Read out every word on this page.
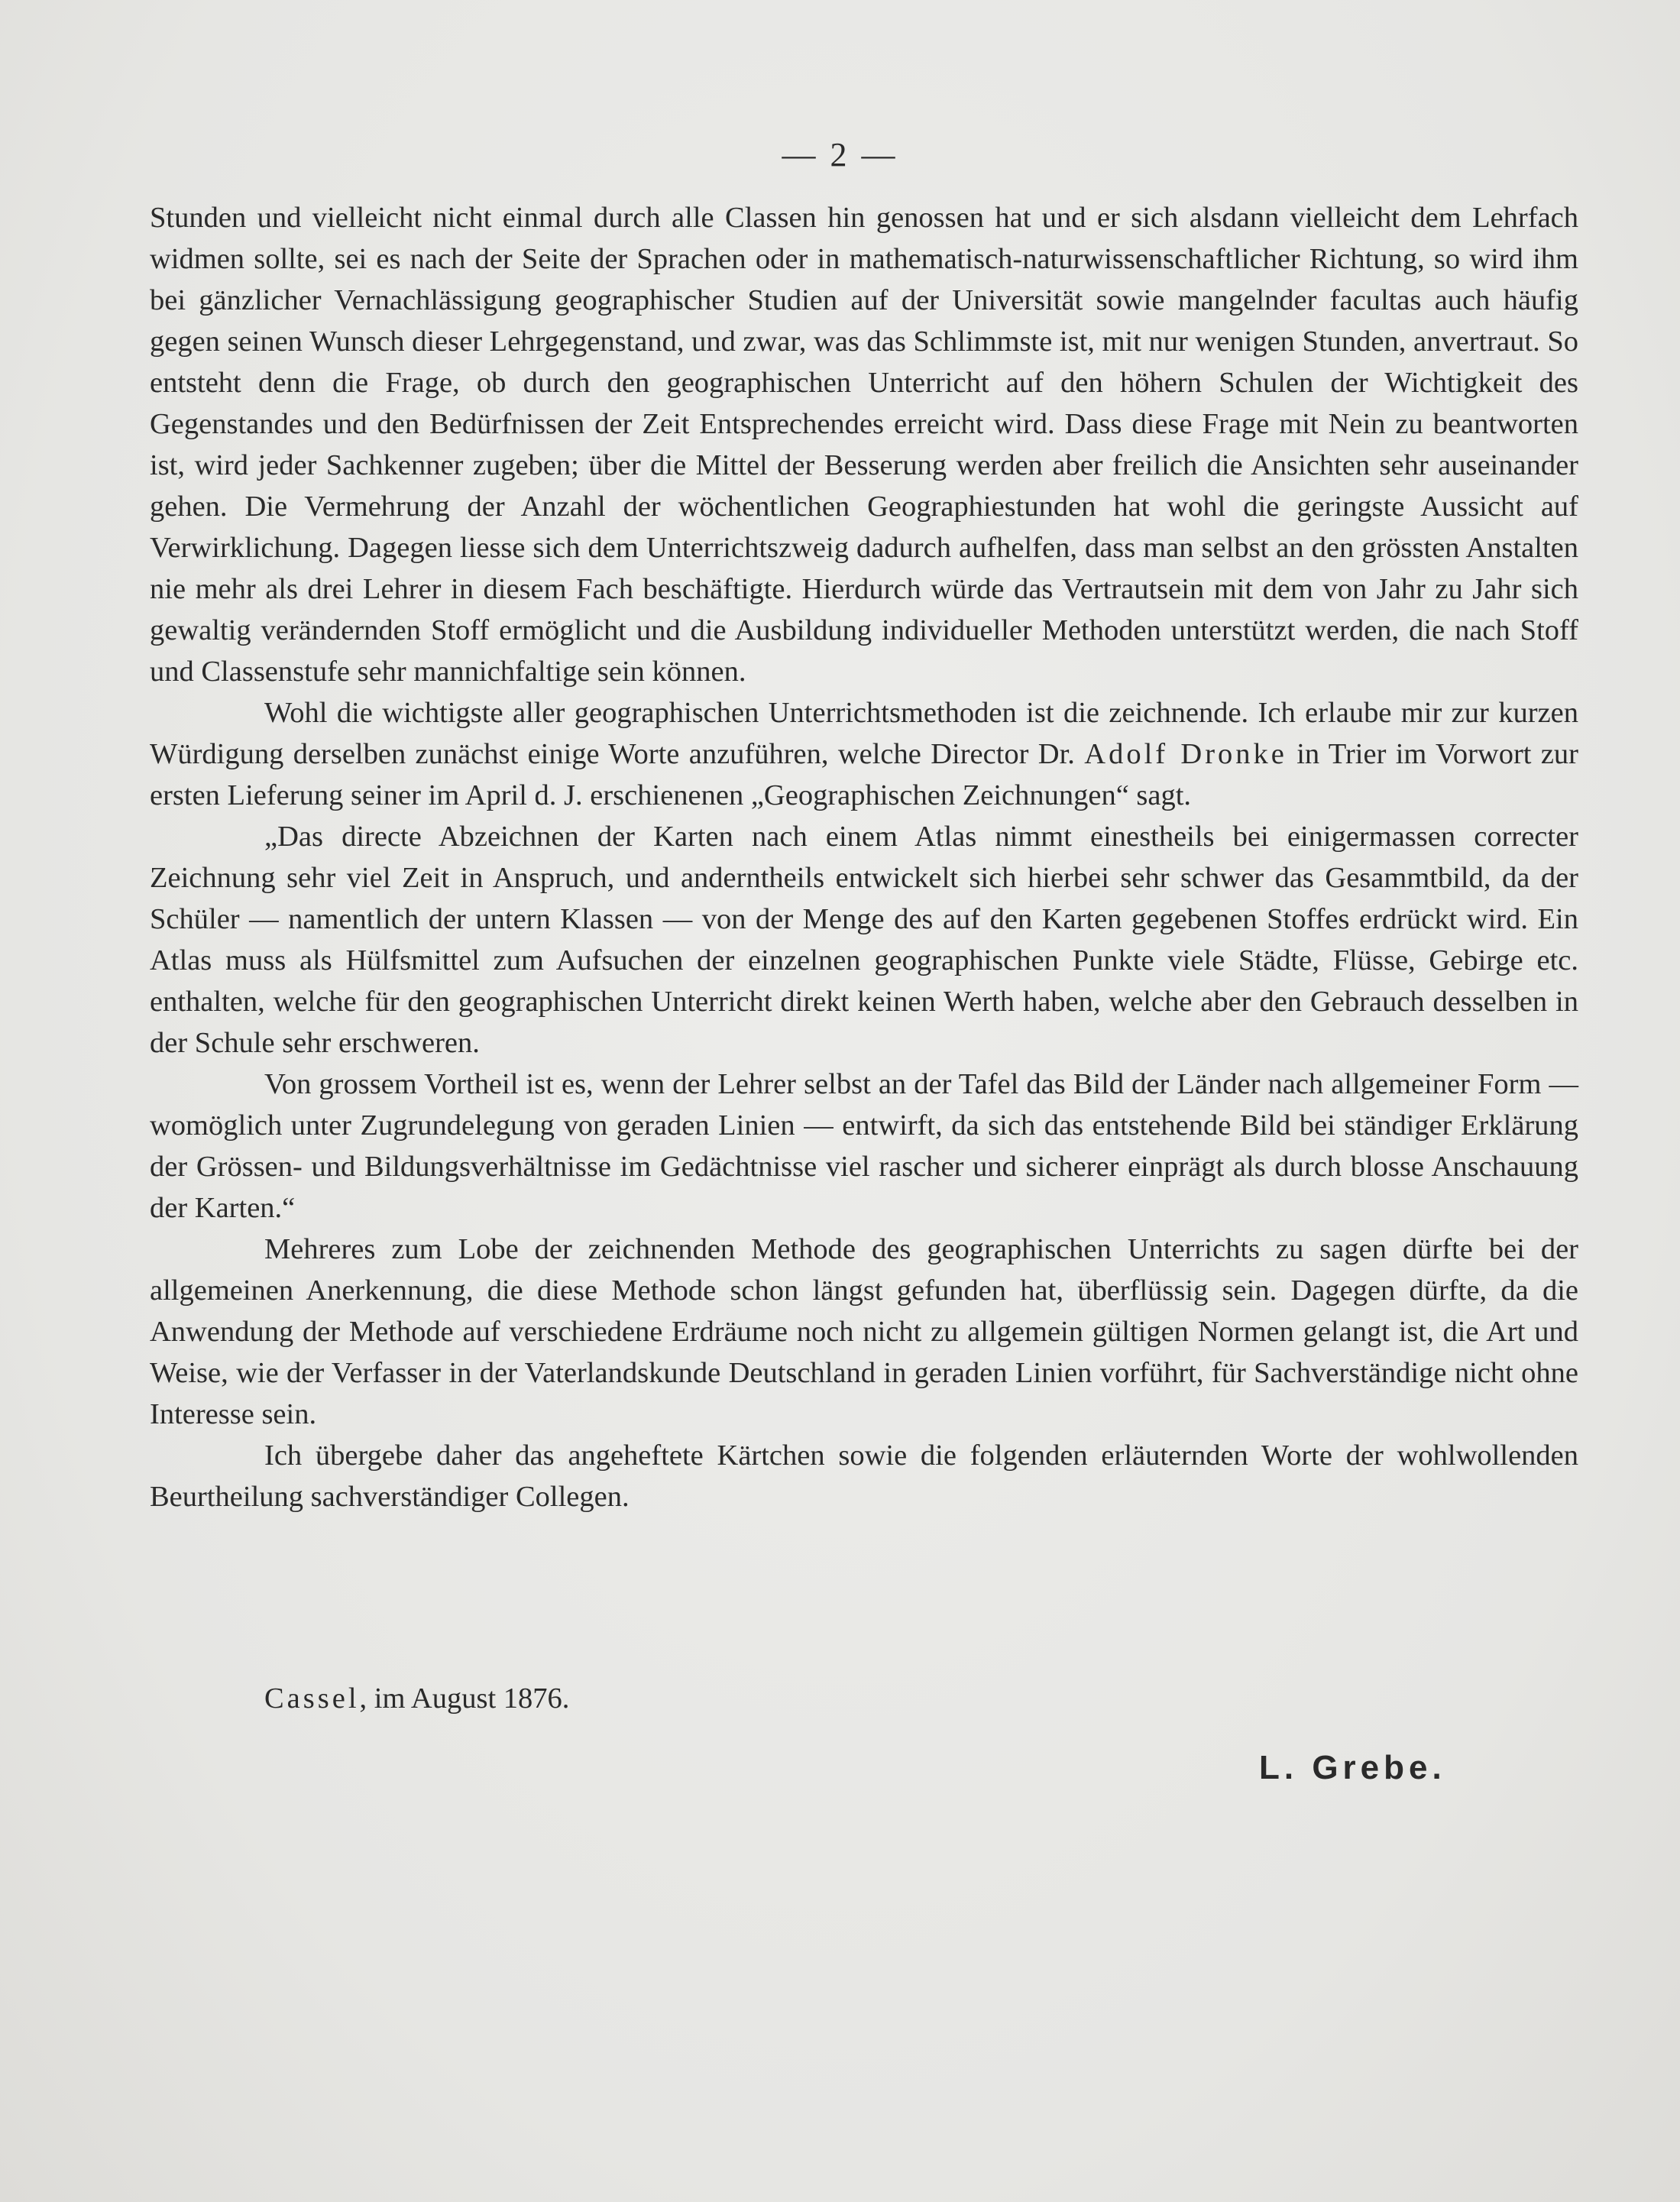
— 2 —

Stunden und vielleicht nicht einmal durch alle Classen hin genossen hat und er sich alsdann vielleicht dem Lehrfach widmen sollte, sei es nach der Seite der Sprachen oder in mathematisch-naturwissenschaftlicher Richtung, so wird ihm bei gänzlicher Vernachlässigung geographischer Studien auf der Universität sowie mangelnder facultas auch häufig gegen seinen Wunsch dieser Lehrgegenstand, und zwar, was das Schlimmste ist, mit nur wenigen Stunden, anvertraut. So entsteht denn die Frage, ob durch den geographischen Unterricht auf den höhern Schulen der Wichtigkeit des Gegenstandes und den Bedürfnissen der Zeit Entsprechendes erreicht wird. Dass diese Frage mit Nein zu beantworten ist, wird jeder Sachkenner zugeben; über die Mittel der Besserung werden aber freilich die Ansichten sehr auseinander gehen. Die Vermehrung der Anzahl der wöchentlichen Geographiestunden hat wohl die geringste Aussicht auf Verwirklichung. Dagegen liesse sich dem Unterrichtszweig dadurch aufhelfen, dass man selbst an den grössten Anstalten nie mehr als drei Lehrer in diesem Fach beschäftigte. Hierdurch würde das Vertrautsein mit dem von Jahr zu Jahr sich gewaltig verändernden Stoff ermöglicht und die Ausbildung individueller Methoden unterstützt werden, die nach Stoff und Classenstufe sehr mannichfaltige sein können.

Wohl die wichtigste aller geographischen Unterrichtsmethoden ist die zeichnende. Ich erlaube mir zur kurzen Würdigung derselben zunächst einige Worte anzuführen, welche Director Dr. Adolf Dronke in Trier im Vorwort zur ersten Lieferung seiner im April d. J. erschienenen „Geographischen Zeichnungen“ sagt.

„Das directe Abzeichnen der Karten nach einem Atlas nimmt einestheils bei einigermassen correcter Zeichnung sehr viel Zeit in Anspruch, und anderntheils entwickelt sich hierbei sehr schwer das Gesammtbild, da der Schüler — namentlich der untern Klassen — von der Menge des auf den Karten gegebenen Stoffes erdrückt wird. Ein Atlas muss als Hülfsmittel zum Aufsuchen der einzelnen geographischen Punkte viele Städte, Flüsse, Gebirge etc. enthalten, welche für den geographischen Unterricht direkt keinen Werth haben, welche aber den Gebrauch desselben in der Schule sehr erschweren.

Von grossem Vortheil ist es, wenn der Lehrer selbst an der Tafel das Bild der Länder nach allgemeiner Form — womöglich unter Zugrundelegung von geraden Linien — entwirft, da sich das entstehende Bild bei ständiger Erklärung der Grössen- und Bildungsverhältnisse im Gedächtnisse viel rascher und sicherer einprägt als durch blosse Anschauung der Karten.“

Mehreres zum Lobe der zeichnenden Methode des geographischen Unterrichts zu sagen dürfte bei der allgemeinen Anerkennung, die diese Methode schon längst gefunden hat, überflüssig sein. Dagegen dürfte, da die Anwendung der Methode auf verschiedene Erdräume noch nicht zu allgemein gültigen Normen gelangt ist, die Art und Weise, wie der Verfasser in der Vaterlandskunde Deutschland in geraden Linien vorführt, für Sachverständige nicht ohne Interesse sein.

Ich übergebe daher das angeheftete Kärtchen sowie die folgenden erläuternden Worte der wohlwollenden Beurtheilung sachverständiger Collegen.

Cassel, im August 1876.
L. Grebe.
